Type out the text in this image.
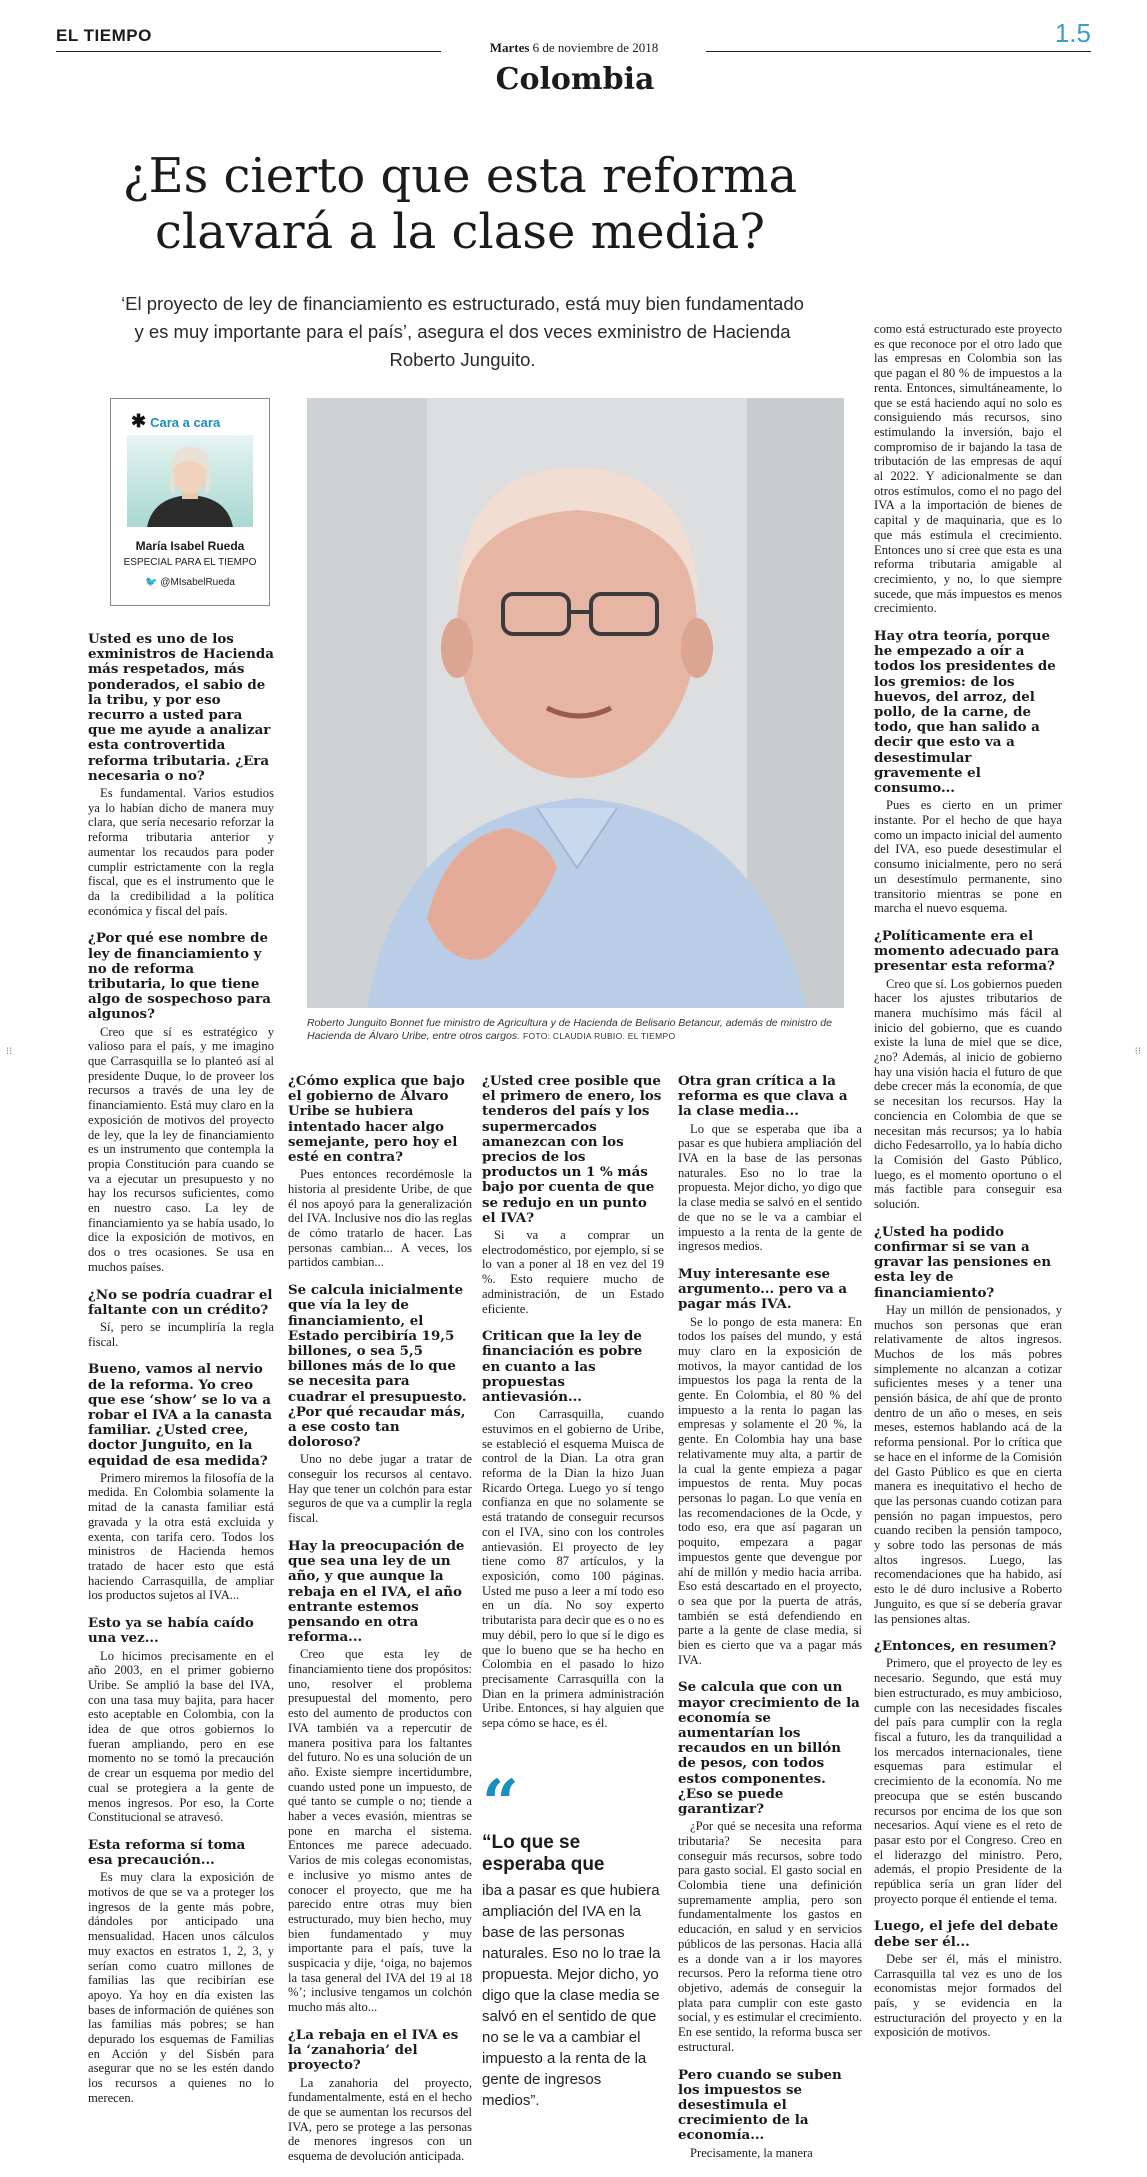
EL TIEMPO
Martes 6 de noviembre de 2018	1.5
Colombia
¿Es cierto que esta reforma clavará a la clase media?
‘El proyecto de ley de financiamiento es estructurado, está muy bien fundamentado y es muy importante para el país’, asegura el dos veces exministro de Hacienda Roberto Junguito.
✱ Cara a cara
María Isabel Rueda
ESPECIAL PARA EL TIEMPO
🐦 @MIsabelRueda
Roberto Junguito Bonnet fue ministro de Agricultura y de Hacienda de Belisario Betancur, además de ministro de Hacienda de Álvaro Uribe, entre otros cargos. FOTO: CLAUDIA RUBIO. EL TIEMPO
Usted es uno de los exministros de Hacienda más respetados, más ponderados, el sabio de la tribu, y por eso recurro a usted para que me ayude a analizar esta controvertida reforma tributaria. ¿Era necesaria o no?
Es fundamental. Varios estudios ya lo habían dicho de manera muy clara, que sería necesario reforzar la reforma tributaria anterior y aumentar los recaudos para poder cumplir estrictamente con la regla fiscal, que es el instrumento que le da la credibilidad a la política económica y fiscal del país.
¿Por qué ese nombre de ley de financiamiento y no de reforma tributaria, lo que tiene algo de sospechoso para algunos?
Creo que sí es estratégico y valioso para el país, y me imagino que Carrasquilla se lo planteó así al presidente Duque, lo de proveer los recursos a través de una ley de financiamiento. Está muy claro en la exposición de motivos del proyecto de ley, que la ley de financiamiento es un instrumento que contempla la propia Constitución para cuando se va a ejecutar un presupuesto y no hay los recursos suficientes, como en nuestro caso. La ley de financiamiento ya se había usado, lo dice la exposición de motivos, en dos o tres ocasiones. Se usa en muchos países.
¿No se podría cuadrar el faltante con un crédito?
Sí, pero se incumpliría la regla fiscal.
Bueno, vamos al nervio de la reforma. Yo creo que ese ‘show’ se lo va a robar el IVA a la canasta familiar. ¿Usted cree, doctor Junguito, en la equidad de esa medida?
Primero miremos la filosofía de la medida. En Colombia solamente la mitad de la canasta familiar está gravada y la otra está excluida y exenta, con tarifa cero. Todos los ministros de Hacienda hemos tratado de hacer esto que está haciendo Carrasquilla, de ampliar los productos sujetos al IVA...
Esto ya se había caído una vez...
Lo hicimos precisamente en el año 2003, en el primer gobierno Uribe. Se amplió la base del IVA, con una tasa muy bajita, para hacer esto aceptable en Colombia, con la idea de que otros gobiernos lo fueran ampliando, pero en ese momento no se tomó la precaución de crear un esquema por medio del cual se protegiera a la gente de menos ingresos. Por eso, la Corte Constitucional se atravesó.
Esta reforma sí toma esa precaución...
Es muy clara la exposición de motivos de que se va a proteger los ingresos de la gente más pobre, dándoles por anticipado una mensualidad. Hacen unos cálculos muy exactos en estratos 1, 2, 3, y serían como cuatro millones de familias las que recibirían ese apoyo. Ya hoy en día existen las bases de información de quiénes son las familias más pobres; se han depurado los esquemas de Familias en Acción y del Sisbén para asegurar que no se les estén dando los recursos a quienes no lo merecen.
¿Cómo explica que bajo el gobierno de Álvaro Uribe se hubiera intentado hacer algo semejante, pero hoy el esté en contra?
Pues entonces recordémosle la historia al presidente Uribe, de que él nos apoyó para la generalización del IVA. Inclusive nos dio las reglas de cómo tratarlo de hacer. Las personas cambian... A veces, los partidos cambian...
Se calcula inicialmente que vía la ley de financiamiento, el Estado percibiría 19,5 billones, o sea 5,5 billones más de lo que se necesita para cuadrar el presupuesto. ¿Por qué recaudar más, a ese costo tan doloroso?
Uno no debe jugar a tratar de conseguir los recursos al centavo. Hay que tener un colchón para estar seguros de que va a cumplir la regla fiscal.
Hay la preocupación de que sea una ley de un año, y que aunque la rebaja en el IVA, el año entrante estemos pensando en otra reforma...
Creo que esta ley de financiamiento tiene dos propósitos: uno, resolver el problema presupuestal del momento, pero esto del aumento de productos con IVA también va a repercutir de manera positiva para los faltantes del futuro. No es una solución de un año. Existe siempre incertidumbre, cuando usted pone un impuesto, de qué tanto se cumple o no; tiende a haber a veces evasión, mientras se pone en marcha el sistema. Entonces me parece adecuado. Varios de mis colegas economistas, e inclusive yo mismo antes de conocer el proyecto, que me ha parecido entre otras muy bien estructurado, muy bien hecho, muy bien fundamentado y muy importante para el país, tuve la suspicacia y dije, ‘oiga, no bajemos la tasa general del IVA del 19 al 18 %’; inclusive tengamos un colchón mucho más alto...
¿La rebaja en el IVA es la ‘zanahoria’ del proyecto?
La zanahoria del proyecto, fundamentalmente, está en el hecho de que se aumentan los recursos del IVA, pero se protege a las personas de menores ingresos con un esquema de devolución anticipada.
¿Usted cree posible que el primero de enero, los tenderos del país y los supermercados amanezcan con los precios de los productos un 1 % más bajo por cuenta de que se redujo en un punto el IVA?
Si va a comprar un electrodoméstico, por ejemplo, sí se lo van a poner al 18 en vez del 19 %. Esto requiere mucho de administración, de un Estado eficiente.
Critican que la ley de financiación es pobre en cuanto a las propuestas antievasión...
Con Carrasquilla, cuando estuvimos en el gobierno de Uribe, se estableció el esquema Muisca de control de la Dian. La otra gran reforma de la Dian la hizo Juan Ricardo Ortega. Luego yo sí tengo confianza en que no solamente se está tratando de conseguir recursos con el IVA, sino con los controles antievasión. El proyecto de ley tiene como 87 artículos, y la exposición, como 100 páginas. Usted me puso a leer a mí todo eso en un día. No soy experto tributarista para decir que es o no es muy débil, pero lo que sí le digo es que lo bueno que se ha hecho en Colombia en el pasado lo hizo precisamente Carrasquilla con la Dian en la primera administración Uribe. Entonces, si hay alguien que sepa cómo se hace, es él.
Otra gran crítica a la reforma es que clava a la clase media...
Lo que se esperaba que iba a pasar es que hubiera ampliación del IVA en la base de las personas naturales. Eso no lo trae la propuesta. Mejor dicho, yo digo que la clase media se salvó en el sentido de que no se le va a cambiar el impuesto a la renta de la gente de ingresos medios.
Muy interesante ese argumento... pero va a pagar más IVA.
Se lo pongo de esta manera: En todos los países del mundo, y está muy claro en la exposición de motivos, la mayor cantidad de los impuestos los paga la renta de la gente. En Colombia, el 80 % del impuesto a la renta lo pagan las empresas y solamente el 20 %, la gente. En Colombia hay una base relativamente muy alta, a partir de la cual la gente empieza a pagar impuestos de renta. Muy pocas personas lo pagan. Lo que venía en las recomendaciones de la Ocde, y todo eso, era que así pagaran un poquito, empezara a pagar impuestos gente que devengue por ahí de millón y medio hacia arriba. Eso está descartado en el proyecto, o sea que por la puerta de atrás, también se está defendiendo en parte a la gente de clase media, si bien es cierto que va a pagar más IVA.
Se calcula que con un mayor crecimiento de la economía se aumentarían los recaudos en un billón de pesos, con todos estos componentes. ¿Eso se puede garantizar?
¿Por qué se necesita una reforma tributaria? Se necesita para conseguir más recursos, sobre todo para gasto social. El gasto social en Colombia tiene una definición supremamente amplia, pero son fundamentalmente los gastos en educación, en salud y en servicios públicos de las personas. Hacia allá es a donde van a ir los mayores recursos. Pero la reforma tiene otro objetivo, además de conseguir la plata para cumplir con este gasto social, y es estimular el crecimiento. En ese sentido, la reforma busca ser estructural.
Pero cuando se suben los impuestos se desestimula el crecimiento de la economía...
Precisamente, la manera
como está estructurado este proyecto es que reconoce por el otro lado que las empresas en Colombia son las que pagan el 80 % de impuestos a la renta. Entonces, simultáneamente, lo que se está haciendo aquí no solo es consiguiendo más recursos, sino estimulando la inversión, bajo el compromiso de ir bajando la tasa de tributación de las empresas de aquí al 2022. Y adicionalmente se dan otros estímulos, como el no pago del IVA a la importación de bienes de capital y de maquinaria, que es lo que más estimula el crecimiento. Entonces uno sí cree que esta es una reforma tributaria amigable al crecimiento, y no, lo que siempre sucede, que más impuestos es menos crecimiento.
Hay otra teoría, porque he empezado a oír a todos los presidentes de los gremios: de los huevos, del arroz, del pollo, de la carne, de todo, que han salido a decir que esto va a desestimular gravemente el consumo...
Pues es cierto en un primer instante. Por el hecho de que haya como un impacto inicial del aumento del IVA, eso puede desestimular el consumo inicialmente, pero no será un desestímulo permanente, sino transitorio mientras se pone en marcha el nuevo esquema.
¿Políticamente era el momento adecuado para presentar esta reforma?
Creo que sí. Los gobiernos pueden hacer los ajustes tributarios de manera muchísimo más fácil al inicio del gobierno, que es cuando existe la luna de miel que se dice, ¿no? Además, al inicio de gobierno hay una visión hacia el futuro de que debe crecer más la economía, de que se necesitan los recursos. Hay la conciencia en Colombia de que se necesitan más recursos; ya lo había dicho Fedesarrollo, ya lo había dicho la Comisión del Gasto Público, luego, es el momento oportuno o el más factible para conseguir esa solución.
¿Usted ha podido confirmar si se van a gravar las pensiones en esta ley de financiamiento?
Hay un millón de pensionados, y muchos son personas que eran relativamente de altos ingresos. Muchos de los más pobres simplemente no alcanzan a cotizar suficientes meses y a tener una pensión básica, de ahí que de pronto dentro de un año o meses, en seis meses, estemos hablando acá de la reforma pensional. Por lo crítica que se hace en el informe de la Comisión del Gasto Público es que en cierta manera es inequitativo el hecho de que las personas cuando cotizan para pensión no pagan impuestos, pero cuando reciben la pensión tampoco, y sobre todo las personas de más altos ingresos. Luego, las recomendaciones que ha habido, así esto le dé duro inclusive a Roberto Junguito, es que sí se debería gravar las pensiones altas.
¿Entonces, en resumen?
Primero, que el proyecto de ley es necesario. Segundo, que está muy bien estructurado, es muy ambicioso, cumple con las necesidades fiscales del país para cumplir con la regla fiscal a futuro, les da tranquilidad a los mercados internacionales, tiene esquemas para estimular el crecimiento de la economía. No me preocupa que se estén buscando recursos por encima de los que son necesarios. Aquí viene es el reto de pasar esto por el Congreso. Creo en el liderazgo del ministro. Pero, además, el propio Presidente de la república sería un gran líder del proyecto porque él entiende el tema.
Luego, el jefe del debate debe ser él...
Debe ser él, más el ministro. Carrasquilla tal vez es uno de los economistas mejor formados del país, y se evidencia en la estructuración del proyecto y en la exposición de motivos.
“
“Lo que se esperaba que
iba a pasar es que hubiera ampliación del IVA en la base de las personas naturales. Eso no lo trae la propuesta. Mejor dicho, yo digo que la clase media se salvó en el sentido de que no se le va a cambiar el impuesto a la renta de la gente de ingresos medios”.
⁝⁝	⁝⁝
